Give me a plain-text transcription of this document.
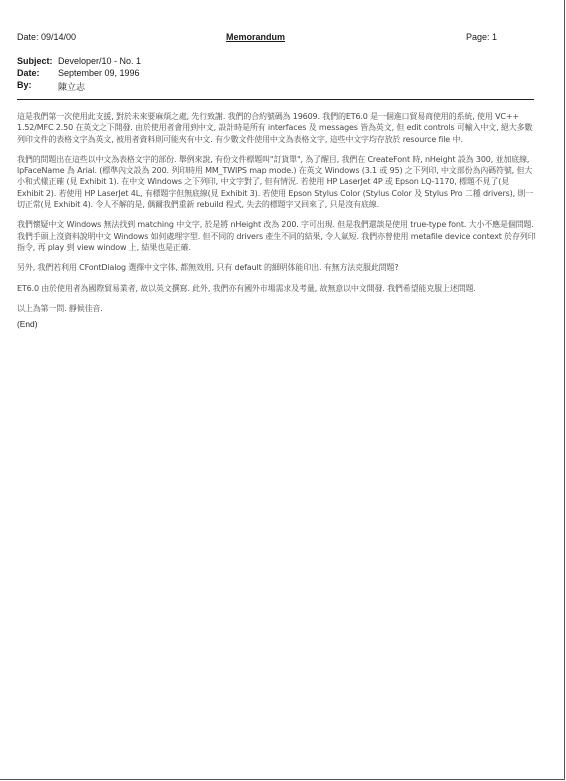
Date: 09/14/00	Memorandum	Page: 1
Subject: Developer/10 - No. 1
Date:	September 09, 1996
By:	陳立志

這是我們第一次使用此支援, 對於未來要麻煩之處, 先行致謝. 我們的合約號碼為 19609. 我們的ET6.0 是一個進口貿易商使用的系統, 使用 VC++ 1.52/MFC 2.50 在英文之下開發. 由於使用者會用到中文, 設計時是所有 interfaces 及 messages 皆為英文, 但 edit controls 可輸入中文, 絕大多數列印文件的表格文字為英文, 被用者資料則可能夾有中文. 有少數文件使用中文為表格文字, 這些中文字均存放於 resource file 中.

我們的問題出在這些以中文為表格文字的部份. 舉例來說, 有份文件標題叫"訂貨單", 為了醒目, 我們在 CreateFont 時, nHeight 設為 300, 並加底線, lpFaceName 為 Arial. (標準內文設為 200. 列印時用 MM_TWIPS map mode.) 在英文 Windows (3.1 或 95) 之下列印, 中文部份為內碼符號, 但大小和式樣正確 (見 Exhibit 1). 在中文 Windows 之下列印, 中文字對了, 但有情況. 若使用 HP LaserJet 4P 或 Epson LQ-1170, 標題不見了(見 Exhibit 2). 若使用 HP LaserJet 4L, 有標題字但無底線(見 Exhibit 3). 若使用 Epson Stylus Color (Stylus Color 及 Stylus Pro 二種 drivers), 則一切正常(見 Exhibit 4). 令人不解的是, 偶爾我們重新 rebuild 程式, 失去的標題字又回來了, 只是沒有底線.

我們懷疑中文 Windows 無法找到 matching 中文字, 於是將 nHeight 改為 200. 字可出現. 但是我們還談是使用 true-type font. 大小不應是個問題. 我們手頭上沒資料說明中文 Windows 如何處理字型. 但不同的 drivers 產生不同的結果, 令人氣短. 我們亦曾使用 metafile device context 於存列印指令, 再 play 到 view window 上, 結果也是正確.

另外, 我們若利用 CFontDialog 選擇中文字体, 都無效用, 只有 default 的細明体能印出. 有無方法克服此問題?

ET6.0 由於使用者為國際貿易業者, 故以英文撰寫. 此外, 我們亦有國外市場需求及考量, 故無意以中文開發. 我們希望能克服上述問題.

以上為第一問. 靜候佳音.

(End)
